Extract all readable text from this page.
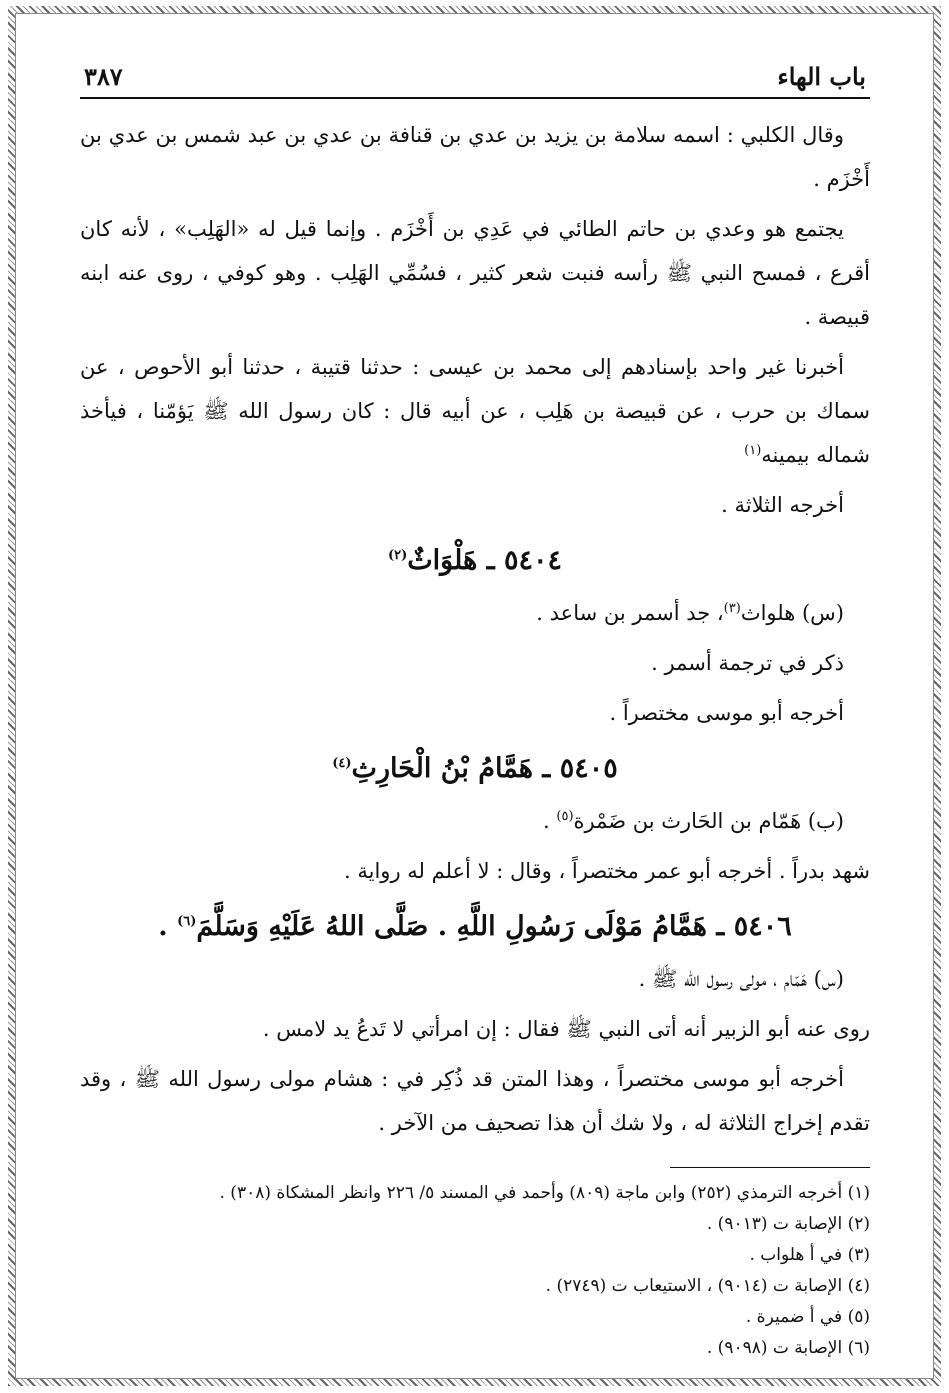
باب الهاء
٣٨٧

وقال الكلبي : اسمه سلامة بن يزيد بن عدي بن قنافة بن عدي بن عبد شمس بن عدي بن أَخْزَم .

يجتمع هو وعدي بن حاتم الطائي في عَدِي بن أَخْزَم . وإنما قيل له «الهَلِب» ، لأنه كان أقرع ، فمسح النبي ﷺ رأسه فنبت شعر كثير ، فسُمِّي الهَلِب . وهو كوفي ، روى عنه ابنه قبيصة .

أخبرنا غير واحد بإسنادهم إلى محمد بن عيسى : حدثنا قتيبة ، حدثنا أبو الأحوص ، عن سماك بن حرب ، عن قبيصة بن هَلِب ، عن أبيه قال : كان رسول الله ﷺ يَؤمّنا ، فيأخذ شماله بيمينه$^{(١)}$

أخرجه الثلاثة .

٥٤٠٤ ـ هَلْوَاثٌ$^{(٢)}$

(س) هلواث$^{(٣)}$، جد أسمر بن ساعد .

ذكر في ترجمة أسمر .

أخرجه أبو موسى مختصراً .

٥٤٠٥ ـ هَمَّامُ بْنُ الْحَارِثِ$^{(٤)}$

(ب) هَمّام بن الحَارث بن ضَمْرة$^{(٥)}$ .

شهد بدراً . أخرجه أبو عمر مختصراً ، وقال : لا أعلم له رواية .

٥٤٠٦ ـ هَمَّامُ مَوْلَى رَسُولِ اللَّهِ . صَلَّى اللهُ عَلَيْهِ وَسَلَّمَ$^{(٦)}$ .

(س) هَمّام ، مولى رسول الله ﷺ .

روى عنه أبو الزبير أنه أتى النبي ﷺ فقال : إن امرأتي لا تَدعُ يد لامس .

أخرجه أبو موسى مختصراً ، وهذا المتن قد ذُكِر في : هشام مولى رسول الله ﷺ ، وقد تقدم إخراج الثلاثة له ، ولا شك أن هذا تصحيف من الآخر .

(١) أخرجه الترمذي (٢٥٢) وابن ماجة (٨٠٩) وأحمد في المسند ٥/ ٢٢٦ وانظر المشكاة (٣٠٨) .

(٢) الإصابة ت (٩٠١٣) .

(٣) في أ هلواب .

(٤) الإصابة ت (٩٠١٤) ، الاستيعاب ت (٢٧٤٩) .

(٥) في أ ضميرة .

(٦) الإصابة ت (٩٠٩٨) .
